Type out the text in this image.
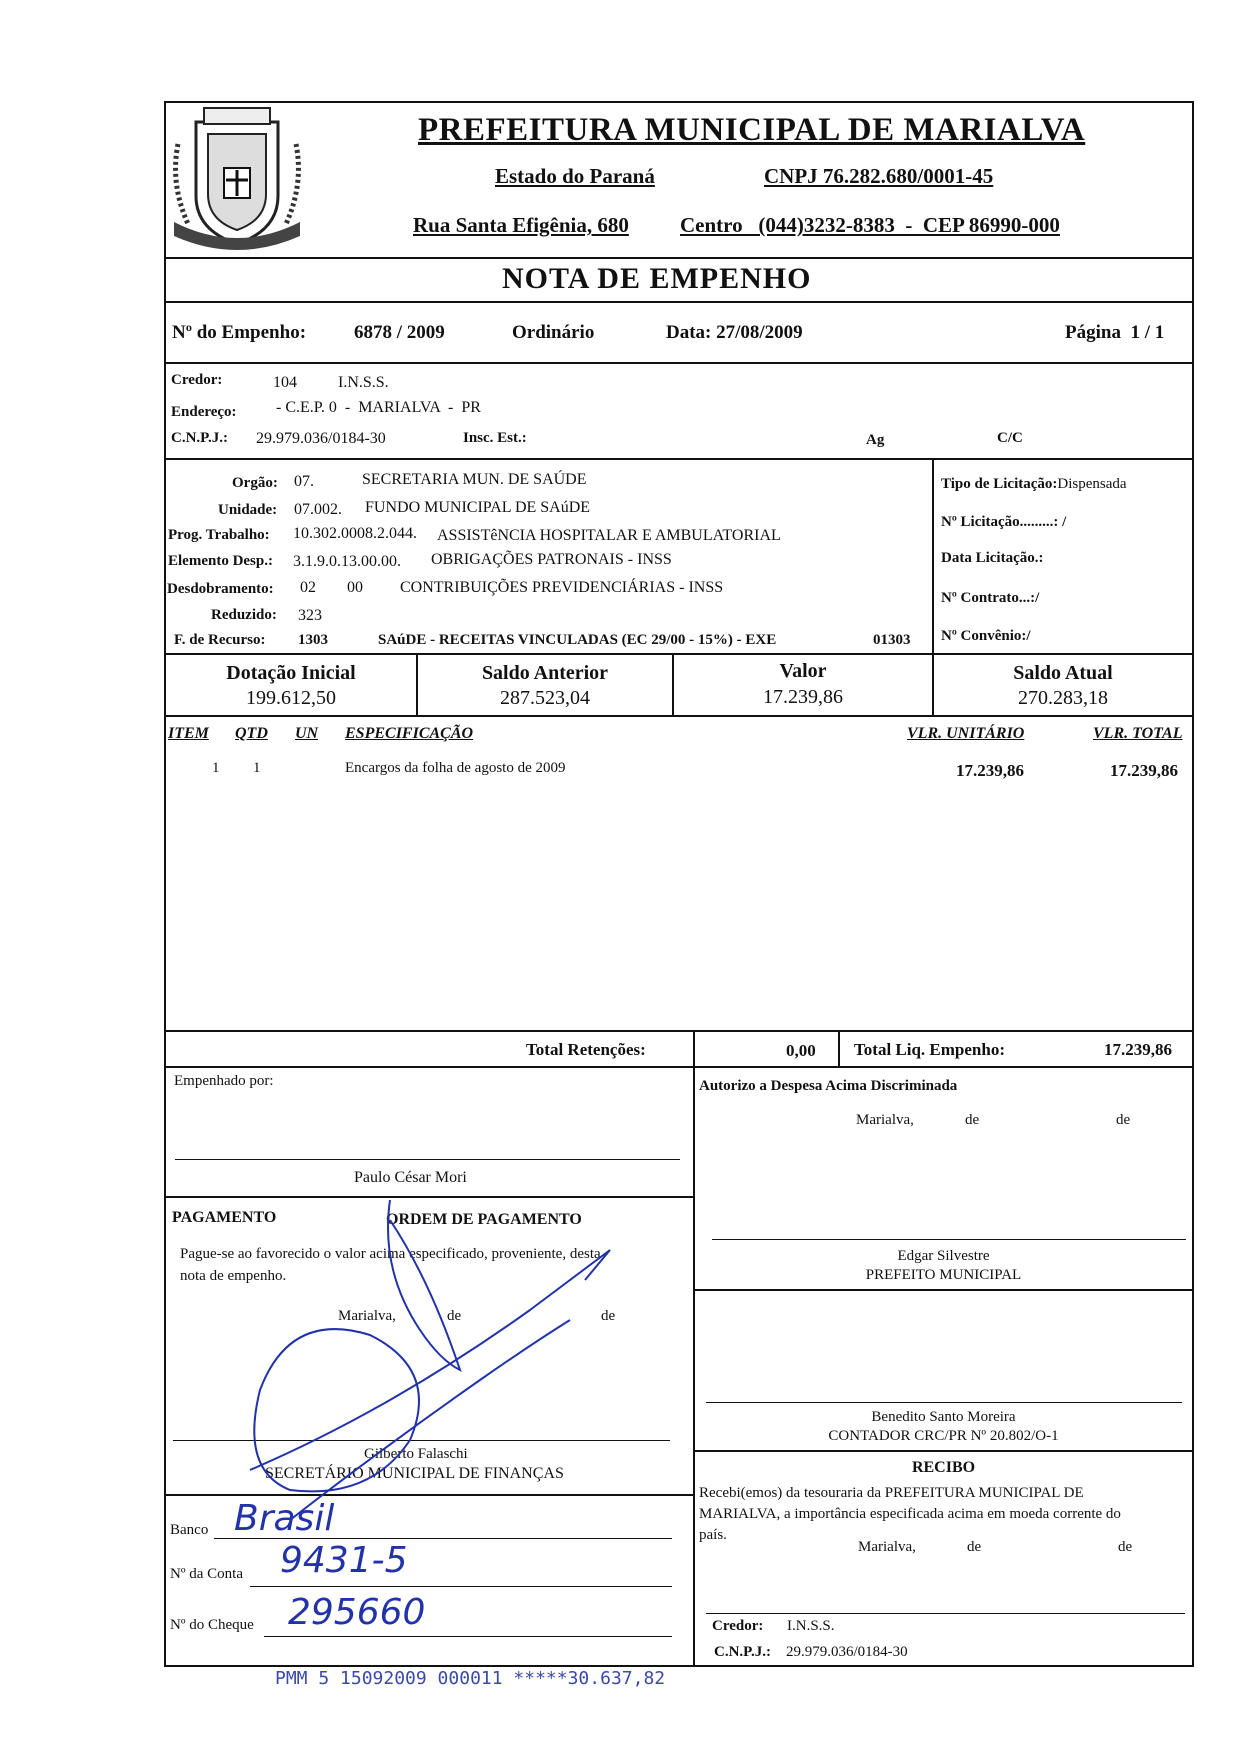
PREFEITURA MUNICIPAL DE MARIALVA
Estado do Paraná	CNPJ 76.282.680/0001-45
Rua Santa Efigênia, 680 Centro   (044)3232-8383  -  CEP 86990-000
NOTA DE EMPENHO
Nº do Empenho:	6878 / 2009	Ordinário	Data: 27/08/2009	Página  1 / 1
Credor:	104	I.N.S.S.
Endereço: - C.E.P. 0  -  MARIALVA  -  PR
C.N.P.J.: 29.979.036/0184-30	Insc. Est.:	Ag	C/C
Orgão: 07.	SECRETARIA MUN. DE SAÚDE
Unidade: 07.002. FUNDO MUNICIPAL DE SAúDE
Prog. Trabalho: 10.302.0008.2.044. ASSISTêNCIA HOSPITALAR E AMBULATORIAL
Elemento Desp.: 3.1.9.0.13.00.00. OBRIGAÇÕES PATRONAIS - INSS
Desdobramento: 02 00 CONTRIBUIÇÕES PREVIDENCIÁRIAS - INSS
Reduzido: 323
F. de Recurso: 1303	SAúDE - RECEITAS VINCULADAS (EC 29/00 - 15%) - EXE	01303
Tipo de Licitação:Dispensada
Nº Licitação.........: /
Data Licitação.:
Nº Contrato...:/
Nº Convênio:/
Dotação Inicial
199.612,50
Saldo Anterior
287.523,04
Valor
17.239,86
Saldo Atual
270.283,18
ITEM QTD UN ESPECIFICAÇÃO	VLR. UNITÁRIO	VLR. TOTAL
1 1	Encargos da folha de agosto de 2009	17.239,86	17.239,86
Total Retenções:	0,00 Total Liq. Empenho:	17.239,86
Empenhado por:
Paulo César Mori
PAGAMENTO	ORDEM DE PAGAMENTO
Pague-se ao favorecido o valor acima especificado, proveniente, desta
nota de empenho.
Marialva,	de	de
Gilberto Falaschi
SECRETÁRIO MUNICIPAL DE FINANÇAS
Banco Brasil
Nº da Conta 9431-5
Nº do Cheque 295660
Autorizo a Despesa Acima Discriminada
Marialva,	de	de
Edgar Silvestre
PREFEITO MUNICIPAL
Benedito Santo Moreira
CONTADOR CRC/PR Nº 20.802/O-1
RECIBO
Recebi(emos) da tesouraria da PREFEITURA MUNICIPAL DE
MARIALVA, a importância especificada acima em moeda corrente do
país.
Marialva,	de	de
Credor: I.N.S.S.
C.N.P.J.: 29.979.036/0184-30
PMM 5 15092009 000011 *****30.637,82
